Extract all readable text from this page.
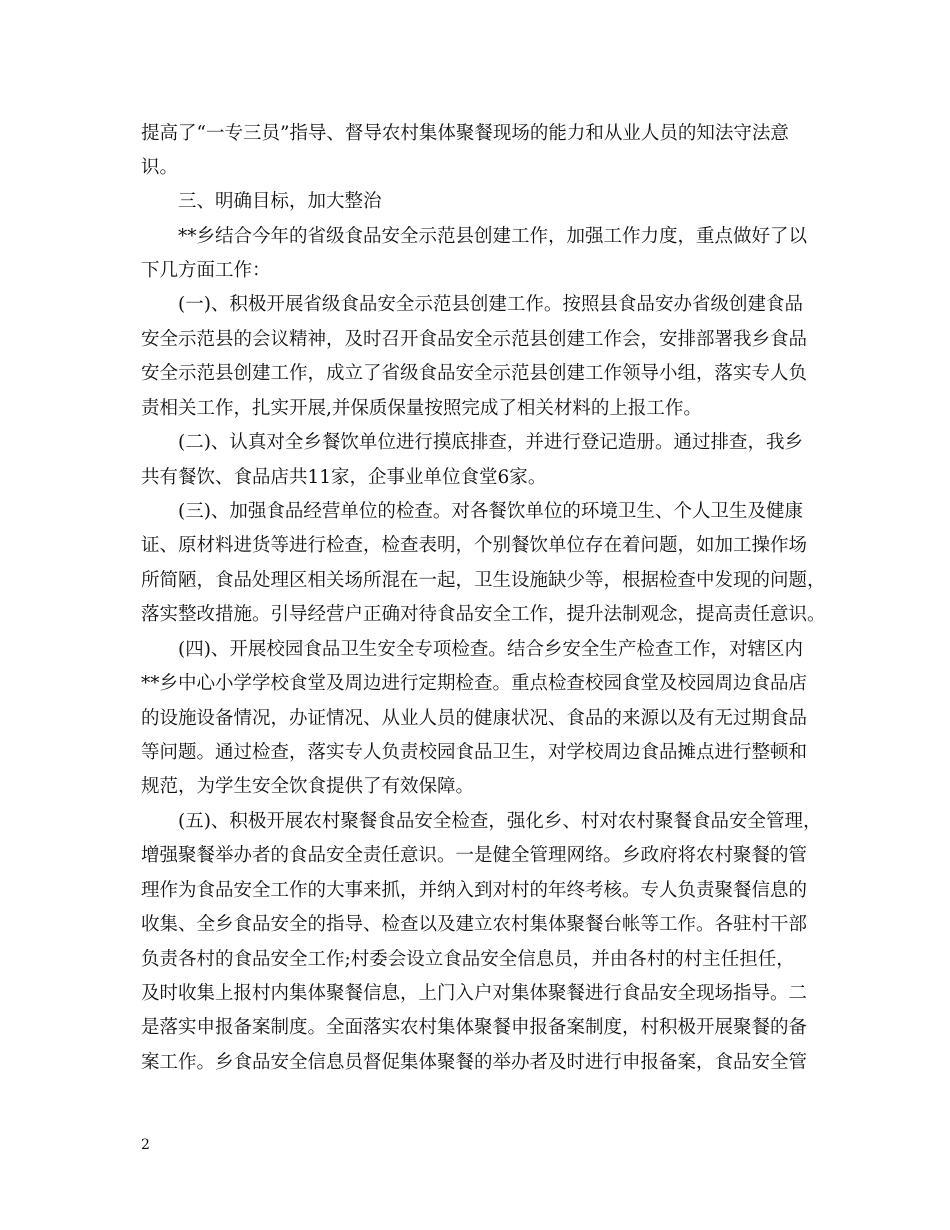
提高了“一专三员”指导、督导农村集体聚餐现场的能力和从业人员的知法守法意
识。
　　三、明确目标，加大整治
　　**乡结合今年的省级食品安全示范县创建工作，加强工作力度，重点做好了以
下几方面工作：
　　(一)、积极开展省级食品安全示范县创建工作。按照县食品安办省级创建食品
安全示范县的会议精神，及时召开食品安全示范县创建工作会，安排部署我乡食品
安全示范县创建工作，成立了省级食品安全示范县创建工作领导小组，落实专人负
责相关工作，扎实开展,并保质保量按照完成了相关材料的上报工作。
　　(二)、认真对全乡餐饮单位进行摸底排查，并进行登记造册。通过排查，我乡
共有餐饮、食品店共11家，企事业单位食堂6家。
　　(三)、加强食品经营单位的检查。对各餐饮单位的环境卫生、个人卫生及健康
证、原材料进货等进行检查，检查表明，个别餐饮单位存在着问题，如加工操作场
所简陋，食品处理区相关场所混在一起，卫生设施缺少等，根据检查中发现的问题，
落实整改措施。引导经营户正确对待食品安全工作，提升法制观念，提高责任意识。
　　(四)、开展校园食品卫生安全专项检查。结合乡安全生产检查工作，对辖区内
**乡中心小学学校食堂及周边进行定期检查。重点检查校园食堂及校园周边食品店
的设施设备情况，办证情况、从业人员的健康状况、食品的来源以及有无过期食品
等问题。通过检查，落实专人负责校园食品卫生，对学校周边食品摊点进行整顿和
规范，为学生安全饮食提供了有效保障。
　　(五)、积极开展农村聚餐食品安全检查，强化乡、村对农村聚餐食品安全管理，
增强聚餐举办者的食品安全责任意识。一是健全管理网络。乡政府将农村聚餐的管
理作为食品安全工作的大事来抓，并纳入到对村的年终考核。专人负责聚餐信息的
收集、全乡食品安全的指导、检查以及建立农村集体聚餐台帐等工作。各驻村干部
负责各村的食品安全工作;村委会设立食品安全信息员，并由各村的村主任担任，
及时收集上报村内集体聚餐信息，上门入户对集体聚餐进行食品安全现场指导。二
是落实申报备案制度。全面落实农村集体聚餐申报备案制度，村积极开展聚餐的备
案工作。乡食品安全信息员督促集体聚餐的举办者及时进行申报备案，食品安全管
2
